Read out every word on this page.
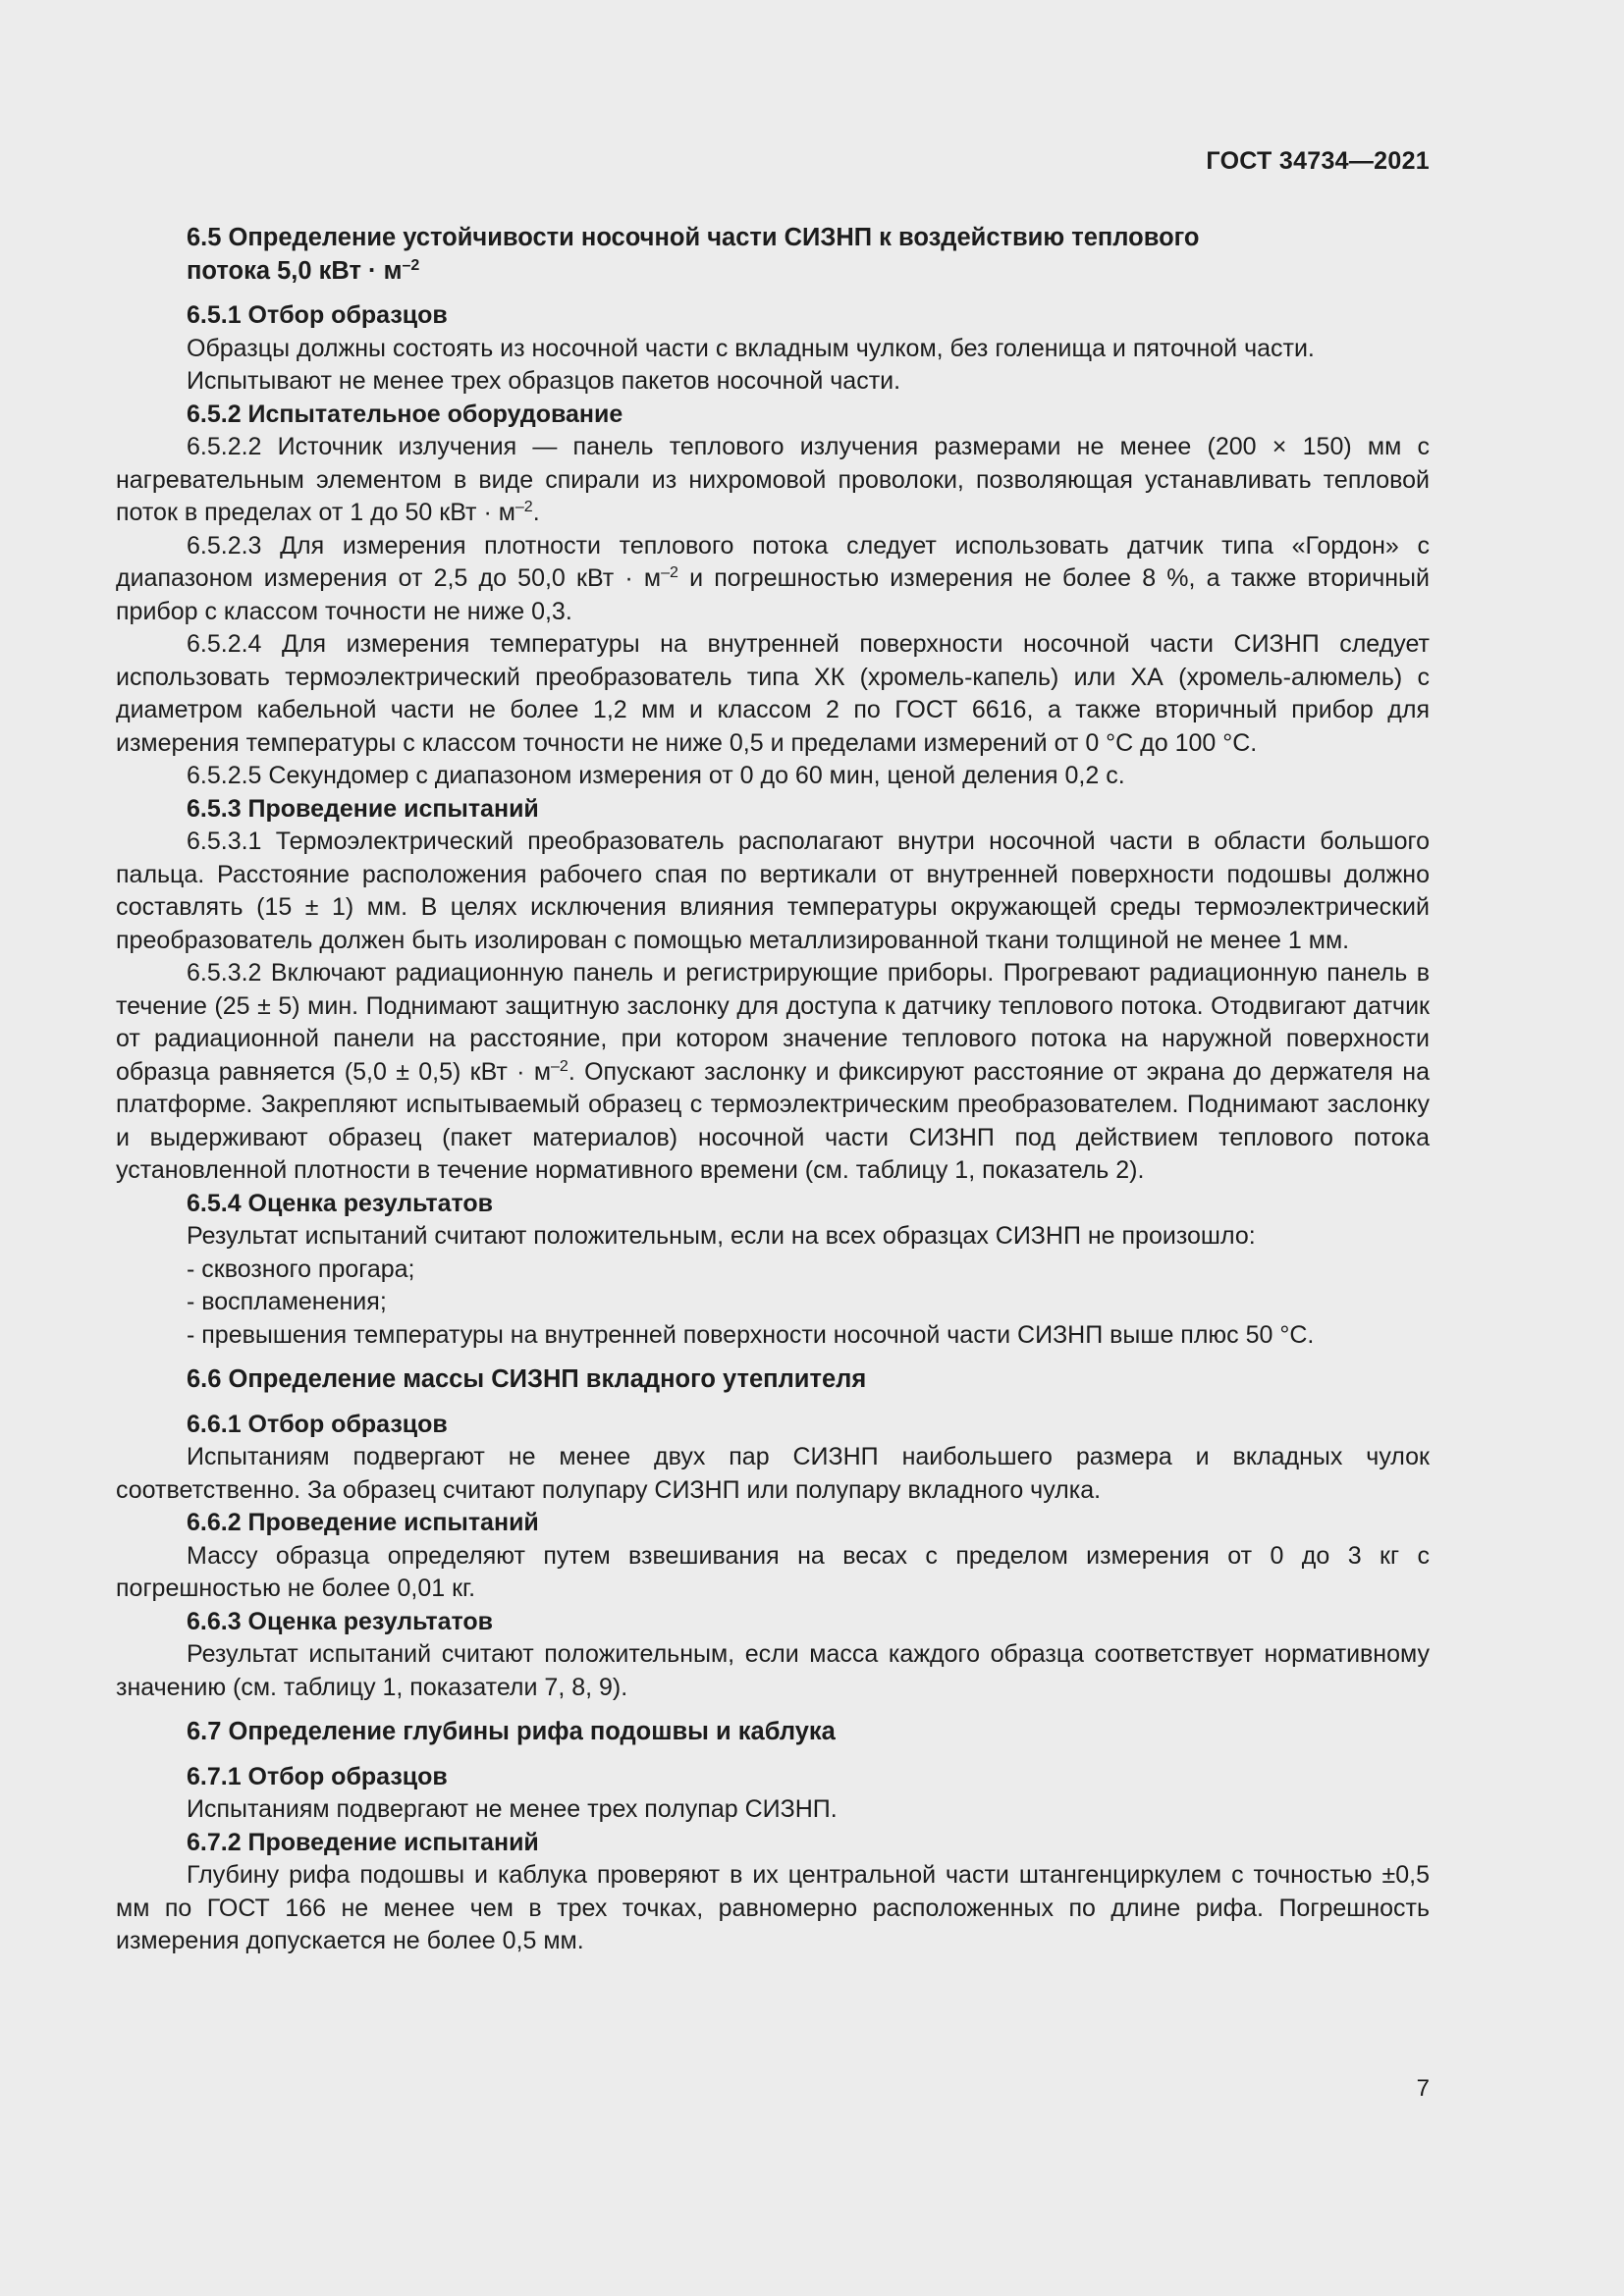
ГОСТ 34734—2021

6.5 Определение устойчивости носочной части СИЗНП к воздействию теплового
потока 5,0 кВт · $м^{-2}$

6.5.1 Отбор образцов

Образцы должны состоять из носочной части с вкладным чулком, без голенища и пяточной части.

Испытывают не менее трех образцов пакетов носочной части.

6.5.2 Испытательное оборудование

6.5.2.2 Источник излучения — панель теплового излучения размерами не менее (200 × 150) мм с нагревательным элементом в виде спирали из нихромовой проволоки, позволяющая устанавливать тепловой поток в пределах от 1 до 50 кВт · $м^{-2}$.

6.5.2.3 Для измерения плотности теплового потока следует использовать датчик типа «Гордон» с диапазоном измерения от 2,5 до 50,0 кВт · $м^{-2}$ и погрешностью измерения не более 8 %, а также вторичный прибор с классом точности не ниже 0,3.

6.5.2.4 Для измерения температуры на внутренней поверхности носочной части СИЗНП следует использовать термоэлектрический преобразователь типа ХК (хромель-капель) или ХА (хромель-алюмель) с диаметром кабельной части не более 1,2 мм и классом 2 по ГОСТ 6616, а также вторичный прибор для измерения температуры с классом точности не ниже 0,5 и пределами измерений от 0 °С до 100 °С.

6.5.2.5 Секундомер с диапазоном измерения от 0 до 60 мин, ценой деления 0,2 с.

6.5.3 Проведение испытаний

6.5.3.1 Термоэлектрический преобразователь располагают внутри носочной части в области большого пальца. Расстояние расположения рабочего спая по вертикали от внутренней поверхности подошвы должно составлять (15 ± 1) мм. В целях исключения влияния температуры окружающей среды термоэлектрический преобразователь должен быть изолирован с помощью металлизированной ткани толщиной не менее 1 мм.

6.5.3.2 Включают радиационную панель и регистрирующие приборы. Прогревают радиационную панель в течение (25 ± 5) мин. Поднимают защитную заслонку для доступа к датчику теплового потока. Отодвигают датчик от радиационной панели на расстояние, при котором значение теплового потока на наружной поверхности образца равняется (5,0 ± 0,5) кВт · $м^{-2}$. Опускают заслонку и фиксируют расстояние от экрана до держателя на платформе. Закрепляют испытываемый образец с термоэлектрическим преобразователем. Поднимают заслонку и выдерживают образец (пакет материалов) носочной части СИЗНП под действием теплового потока установленной плотности в течение нормативного времени (см. таблицу 1, показатель 2).

6.5.4 Оценка результатов

Результат испытаний считают положительным, если на всех образцах СИЗНП не произошло:

- сквозного прогара;

- воспламенения;

- превышения температуры на внутренней поверхности носочной части СИЗНП выше плюс 50 °С.

6.6 Определение массы СИЗНП вкладного утеплителя

6.6.1 Отбор образцов

Испытаниям подвергают не менее двух пар СИЗНП наибольшего размера и вкладных чулок соответственно. За образец считают полупару СИЗНП или полупару вкладного чулка.

6.6.2 Проведение испытаний

Массу образца определяют путем взвешивания на весах с пределом измерения от 0 до 3 кг с погрешностью не более 0,01 кг.

6.6.3 Оценка результатов

Результат испытаний считают положительным, если масса каждого образца соответствует нормативному значению (см. таблицу 1, показатели 7, 8, 9).

6.7 Определение глубины рифа подошвы и каблука

6.7.1 Отбор образцов

Испытаниям подвергают не менее трех полупар СИЗНП.

6.7.2 Проведение испытаний

Глубину рифа подошвы и каблука проверяют в их центральной части штангенциркулем с точностью ±0,5 мм по ГОСТ 166 не менее чем в трех точках, равномерно расположенных по длине рифа. Погрешность измерения допускается не более 0,5 мм.

7
